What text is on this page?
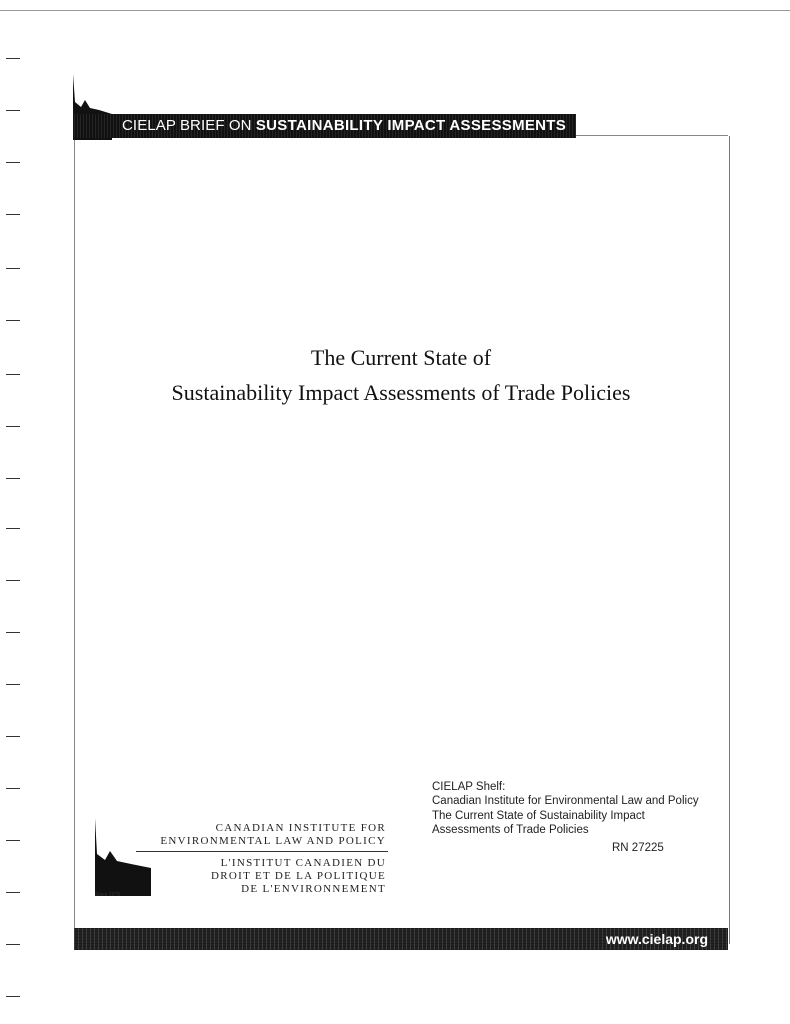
CIELAP BRIEF ON SUSTAINABILITY IMPACT ASSESSMENTS
The Current State of
Sustainability Impact Assessments of Trade Policies
CIELAP Shelf:
Canadian Institute for Environmental Law and Policy
The Current State of Sustainability Impact
Assessments of Trade Policies
RN 27225
Since 1970
CANADIAN INSTITUTE FOR
ENVIRONMENTAL LAW AND POLICY
L'INSTITUT CANADIEN DU
DROIT ET DE LA POLITIQUE
DE L'ENVIRONNEMENT
www.cielap.org
